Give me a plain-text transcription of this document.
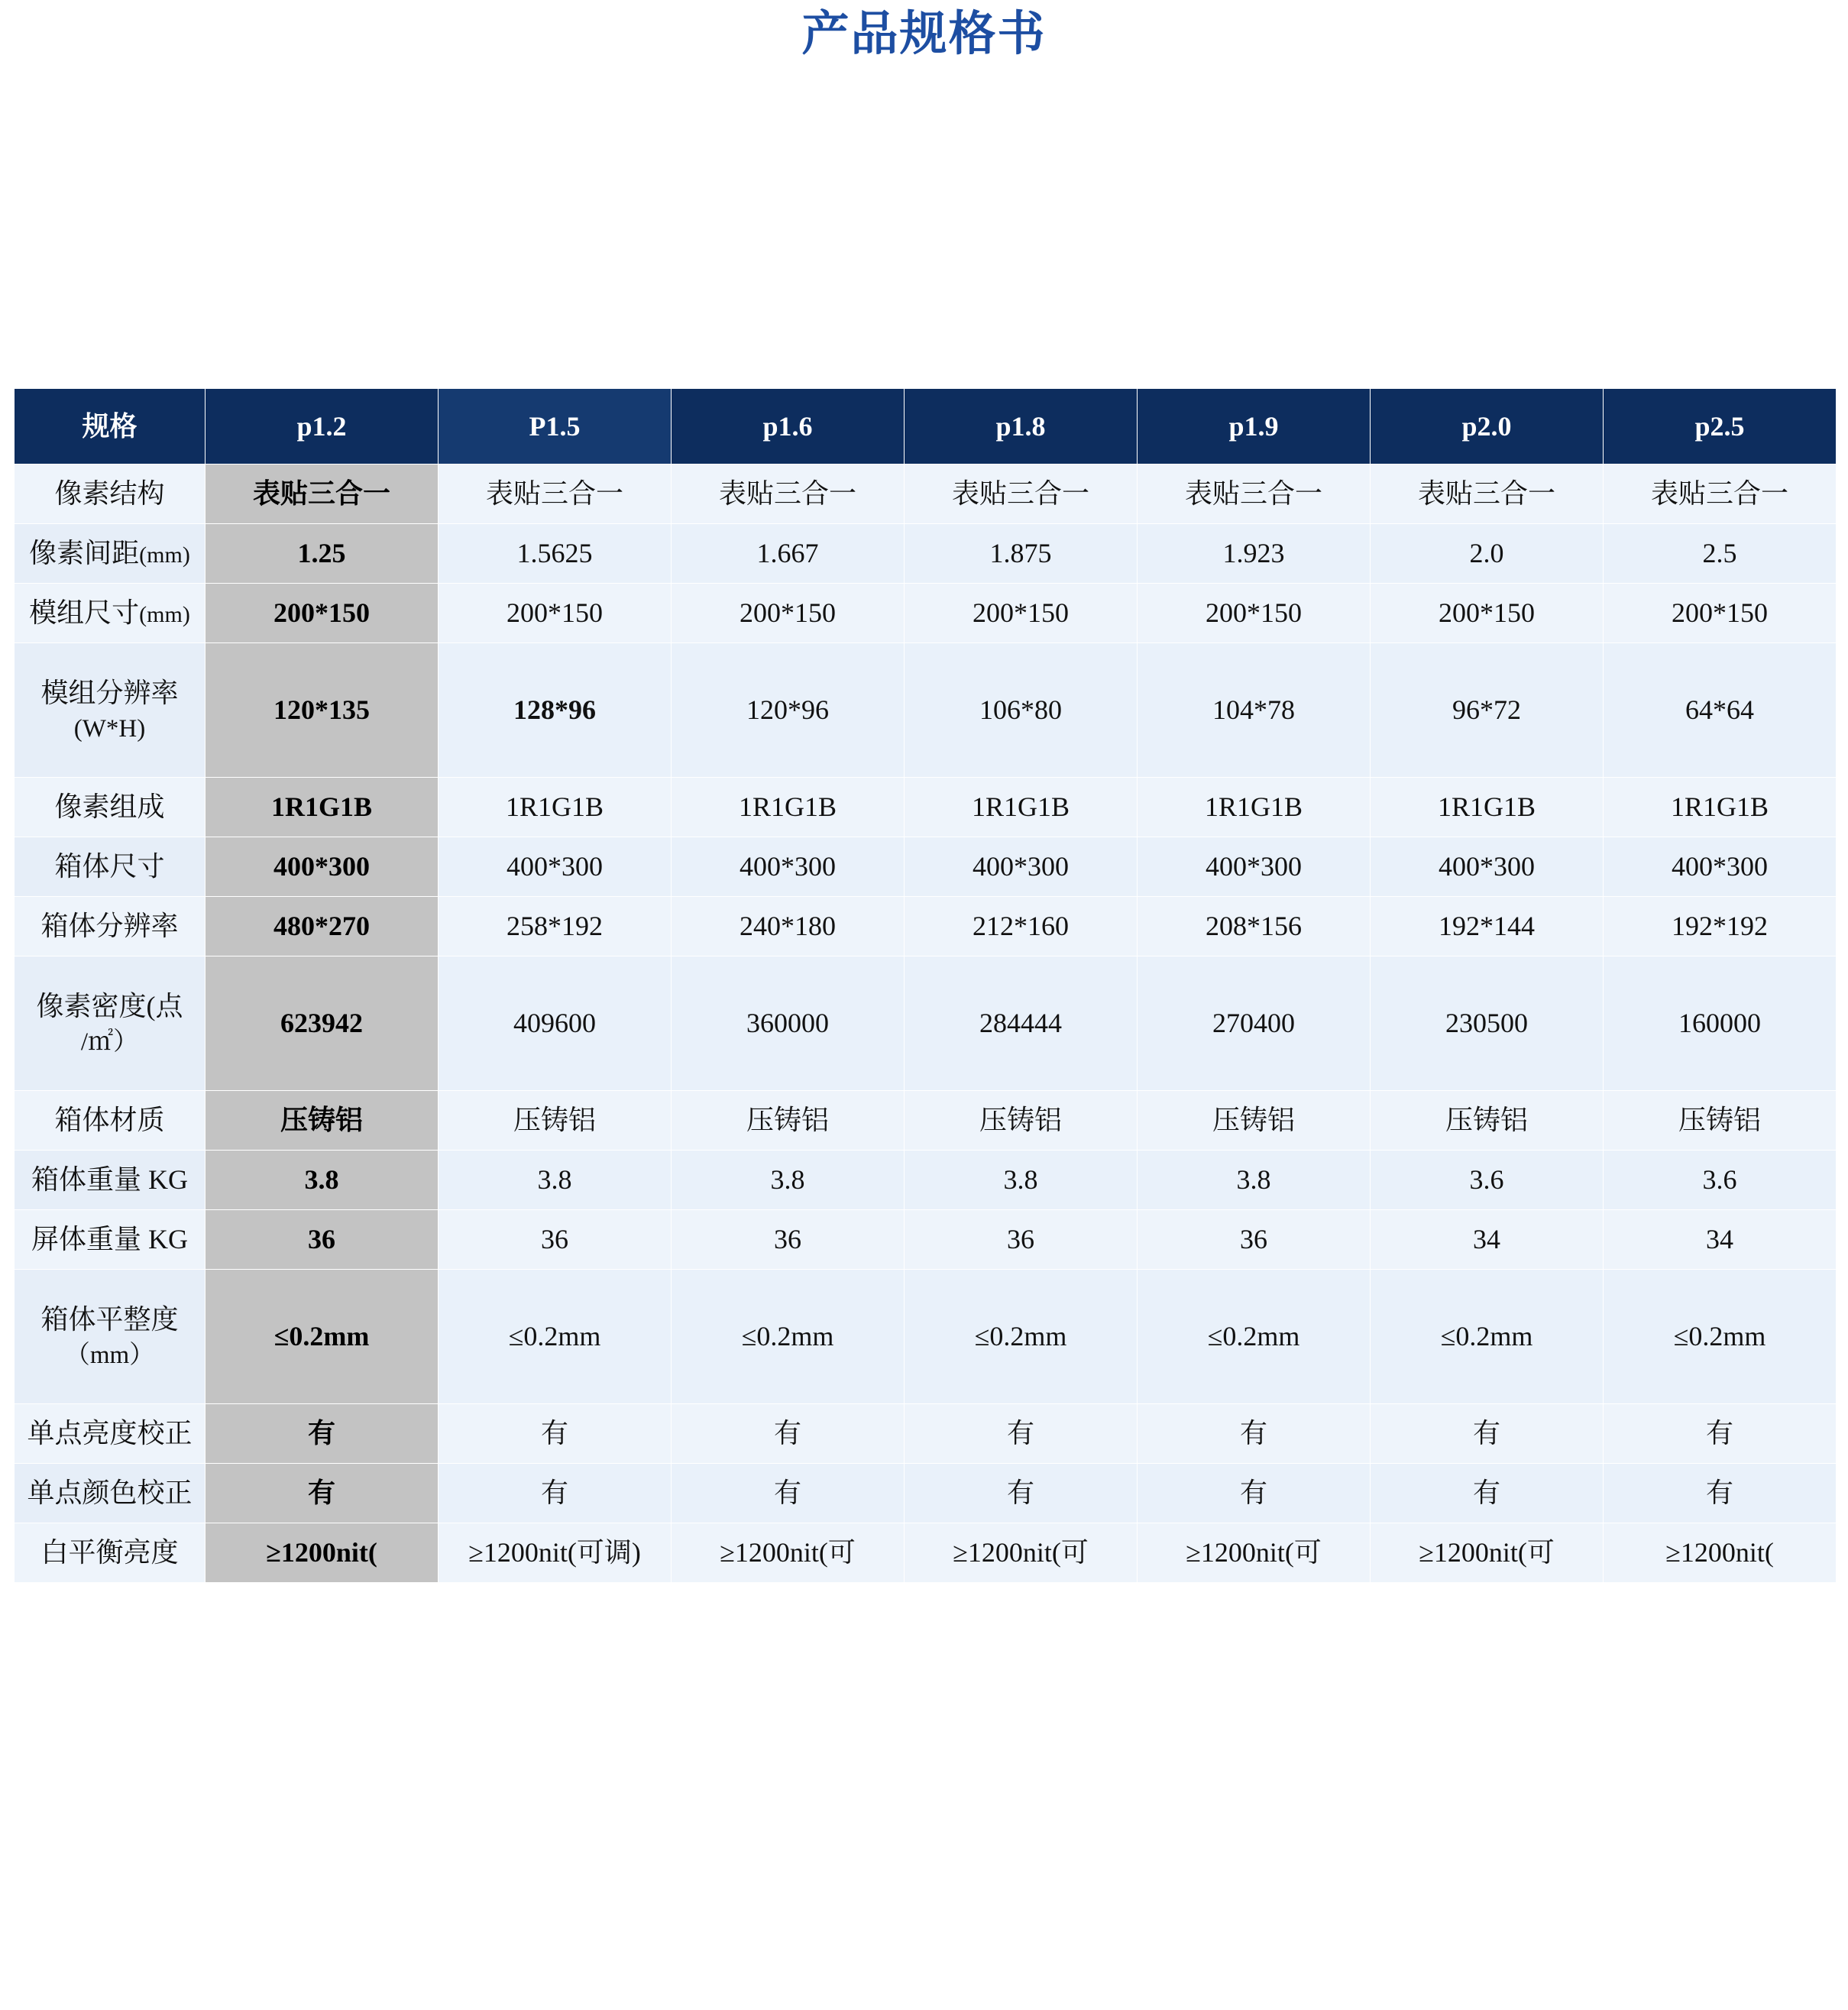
产品规格书
规格	p1.2	P1.5	p1.6	p1.8	p1.9	p2.0	p2.5
像素结构	表贴三合一	表贴三合一	表贴三合一	表贴三合一	表贴三合一	表贴三合一	表贴三合一
像素间距(mm)	1.25	1.5625	1.667	1.875	1.923	2.0	2.5
模组尺寸(mm)	200*150	200*150	200*150	200*150	200*150	200*150	200*150
模组分辨率
(W*H)	120*135	128*96	120*96	106*80	104*78	96*72	64*64
像素组成	1R1G1B	1R1G1B	1R1G1B	1R1G1B	1R1G1B	1R1G1B	1R1G1B
箱体尺寸	400*300	400*300	400*300	400*300	400*300	400*300	400*300
箱体分辨率	480*270	258*192	240*180	212*160	208*156	192*144	192*192
像素密度(点
/㎡）	623942	409600	360000	284444	270400	230500	160000
箱体材质	压铸铝	压铸铝	压铸铝	压铸铝	压铸铝	压铸铝	压铸铝
箱体重量 KG	3.8	3.8	3.8	3.8	3.8	3.6	3.6
屏体重量 KG	36	36	36	36	36	34	34
箱体平整度
（mm）	≤0.2mm	≤0.2mm	≤0.2mm	≤0.2mm	≤0.2mm	≤0.2mm	≤0.2mm
单点亮度校正	有	有	有	有	有	有	有
单点颜色校正	有	有	有	有	有	有	有
白平衡亮度	≥1200nit(	≥1200nit(可调)	≥1200nit(可	≥1200nit(可	≥1200nit(可	≥1200nit(可	≥1200nit(
